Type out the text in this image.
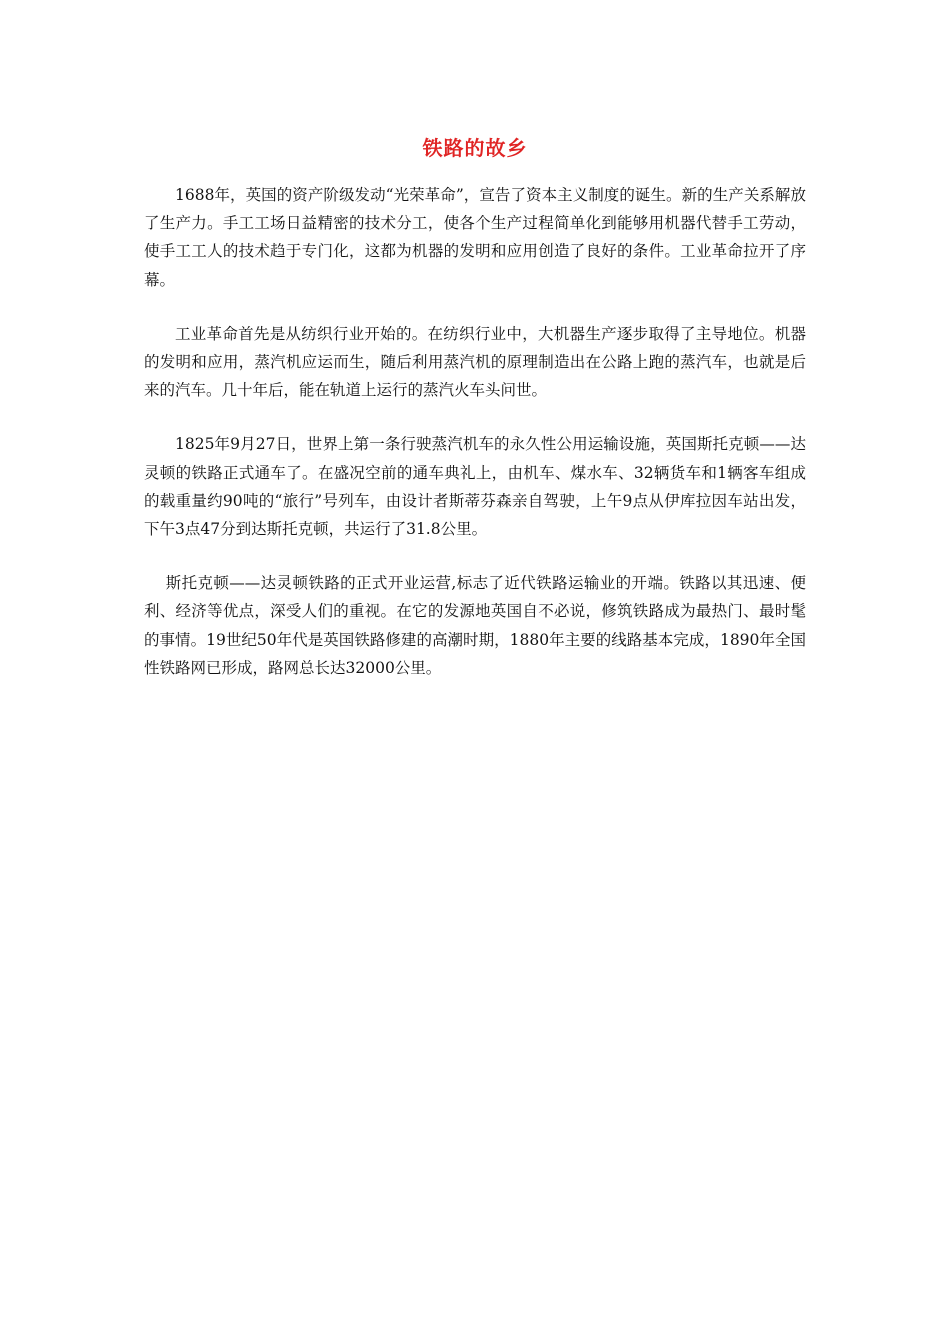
铁路的故乡

1688年，英国的资产阶级发动“光荣革命”，宣告了资本主义制度的诞生。新的生产关系解放了生产力。手工工场日益精密的技术分工，使各个生产过程简单化到能够用机器代替手工劳动，使手工工人的技术趋于专门化，这都为机器的发明和应用创造了良好的条件。工业革命拉开了序幕。

工业革命首先是从纺织行业开始的。在纺织行业中，大机器生产逐步取得了主导地位。机器的发明和应用，蒸汽机应运而生，随后利用蒸汽机的原理制造出在公路上跑的蒸汽车，也就是后来的汽车。几十年后，能在轨道上运行的蒸汽火车头问世。

1825年9月27日，世界上第一条行驶蒸汽机车的永久性公用运输设施，英国斯托克顿——达灵顿的铁路正式通车了。在盛况空前的通车典礼上，由机车、煤水车、32辆货车和1辆客车组成的载重量约90吨的“旅行”号列车，由设计者斯蒂芬森亲自驾驶，上午9点从伊库拉因车站出发，下午3点47分到达斯托克顿，共运行了31.8公里。

斯托克顿——达灵顿铁路的正式开业运营,标志了近代铁路运输业的开端。铁路以其迅速、便利、经济等优点，深受人们的重视。在它的发源地英国自不必说，修筑铁路成为最热门、最时髦的事情。19世纪50年代是英国铁路修建的高潮时期，1880年主要的线路基本完成，1890年全国性铁路网已形成，路网总长达32000公里。
